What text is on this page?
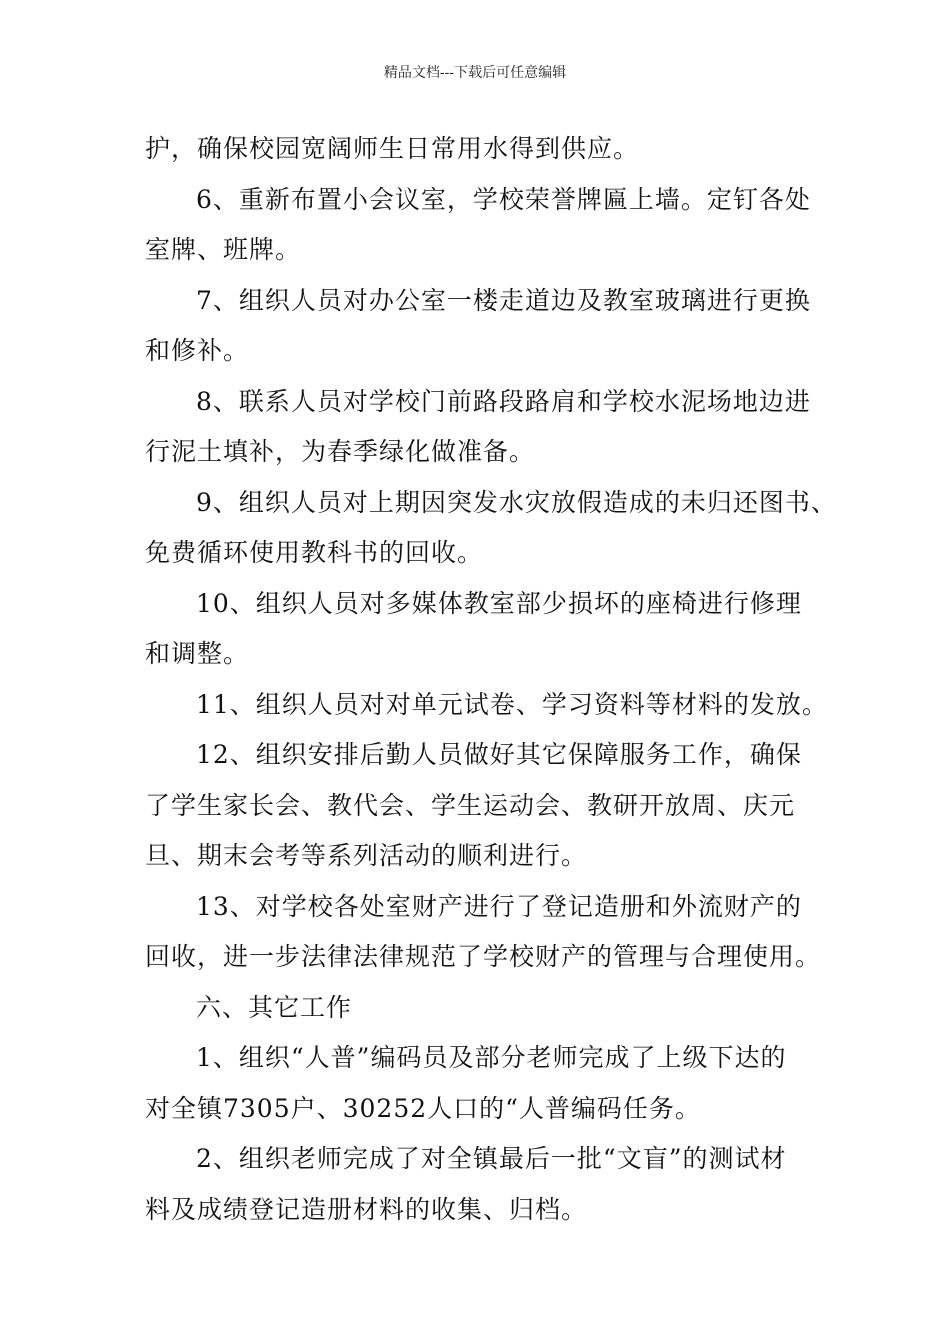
精品文档---下载后可任意编辑

护，确保校园宽阔师生日常用水得到供应。

6、重新布置小会议室，学校荣誉牌匾上墙。定钉各处

室牌、班牌。

7、组织人员对办公室一楼走道边及教室玻璃进行更换

和修补。

8、联系人员对学校门前路段路肩和学校水泥场地边进

行泥土填补，为春季绿化做准备。

9、组织人员对上期因突发水灾放假造成的未归还图书、

免费循环使用教科书的回收。

10、组织人员对多媒体教室部少损坏的座椅进行修理

和调整。

11、组织人员对对单元试卷、学习资料等材料的发放。

12、组织安排后勤人员做好其它保障服务工作，确保

了学生家长会、教代会、学生运动会、教研开放周、庆元

旦、期末会考等系列活动的顺利进行。

13、对学校各处室财产进行了登记造册和外流财产的

回收，进一步法律法律规范了学校财产的管理与合理使用。

六、其它工作

1、组织“人普”编码员及部分老师完成了上级下达的

对全镇7305户、30252人口的“人普编码任务。

2、组织老师完成了对全镇最后一批“文盲”的测试材

料及成绩登记造册材料的收集、归档。
